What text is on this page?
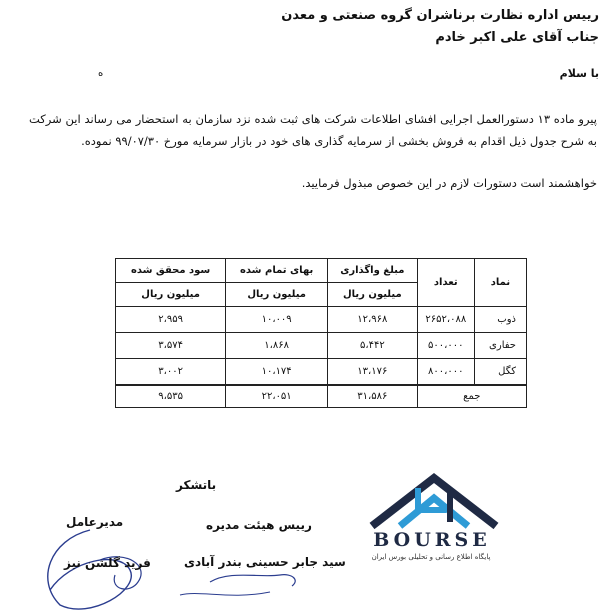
رییس اداره نظارت برناشران گروه صنعتی و معدن
جناب آقای علی اکبر خادم
با سلام
ه

پیرو ماده ۱۳ دستورالعمل اجرایی افشای اطلاعات شرکت های ثبت شده نزد سازمان به استحضار می رساند این شرکت به شرح جدول ذیل اقدام به فروش بخشی از سرمایه گذاری های خود در بازار سرمایه مورخ ۹۹/۰۷/۳۰ نموده.

خواهشمند است دستورات لازم در این خصوص مبذول فرمایید.

نماد	تعداد	مبلغ واگذاری	بهای تمام شده	سود محقق شده
		میلیون ریال	میلیون ریال	میلیون ریال
ذوب	۲۶۵۲،۰۸۸	۱۲،۹۶۸	۱۰،۰۰۹	۲،۹۵۹
حفاری	۵۰۰،۰۰۰	۵،۴۴۲	۱،۸۶۸	۳،۵۷۴
کگل	۸۰۰،۰۰۰	۱۳،۱۷۶	۱۰،۱۷۴	۳،۰۰۲
جمع		۳۱،۵۸۶	۲۲،۰۵۱	۹،۵۳۵
باتشکر
مدیرعامل	رییس هیئت مدیره
فرید گلشن نیز	سید جابر حسینی بندر آبادی
BOURSE
پایگاه اطلاع رسانی و تحلیلی بورس ایران
